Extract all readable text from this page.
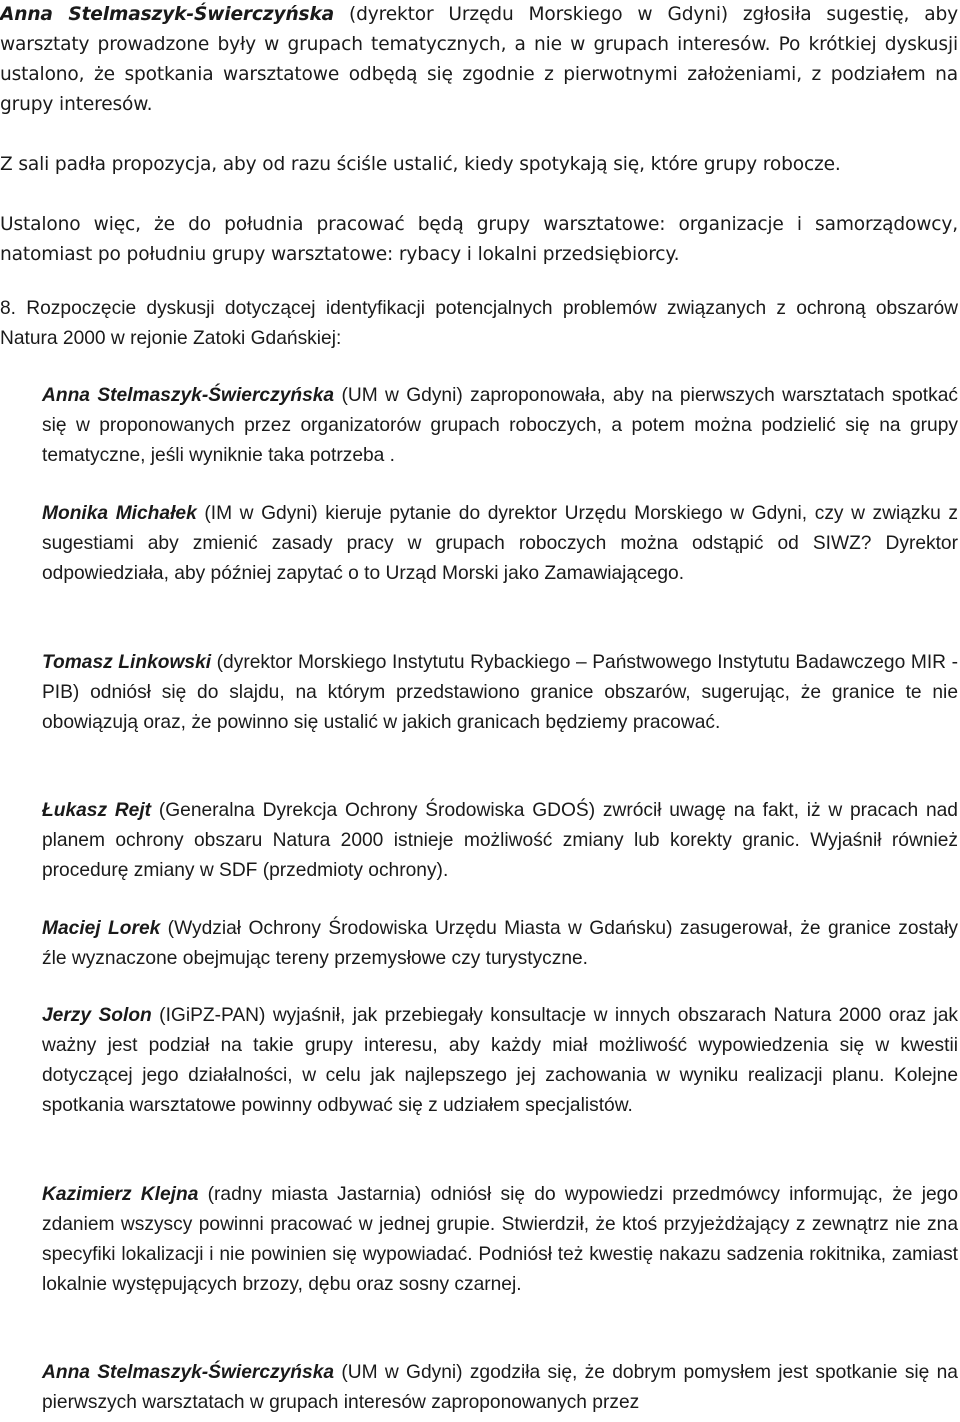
Anna Stelmaszyk-Świerczyńska (dyrektor Urzędu Morskiego w Gdyni) zgłosiła sugestię, aby warsztaty prowadzone były w grupach tematycznych, a nie w grupach interesów. Po krótkiej dyskusji ustalono, że spotkania warsztatowe odbędą się zgodnie z pierwotnymi założeniami, z podziałem na grupy interesów.

Z sali padła propozycja, aby od razu ściśle ustalić, kiedy spotykają się, które grupy robocze.

Ustalono więc, że do południa pracować będą grupy warsztatowe: organizacje i samorządowcy, natomiast po południu grupy warsztatowe: rybacy i lokalni przedsiębiorcy.

8. Rozpoczęcie dyskusji dotyczącej identyfikacji potencjalnych problemów związanych z ochroną obszarów Natura 2000 w rejonie Zatoki Gdańskiej:

Anna Stelmaszyk-Świerczyńska (UM w Gdyni) zaproponowała, aby na pierwszych warsztatach spotkać się w proponowanych przez organizatorów grupach roboczych, a potem można podzielić się na grupy tematyczne, jeśli wyniknie taka potrzeba .

Monika Michałek (IM w Gdyni) kieruje pytanie do dyrektor Urzędu Morskiego w Gdyni, czy w związku z sugestiami aby zmienić zasady pracy w grupach roboczych można odstąpić od SIWZ? Dyrektor odpowiedziała, aby później zapytać o to Urząd Morski jako Zamawiającego.

Tomasz Linkowski (dyrektor Morskiego Instytutu Rybackiego – Państwowego Instytutu Badawczego MIR - PIB) odniósł się do slajdu, na którym przedstawiono granice obszarów, sugerując, że granice te nie obowiązują oraz, że powinno się ustalić w jakich granicach będziemy pracować.

Łukasz Rejt (Generalna Dyrekcja Ochrony Środowiska GDOŚ) zwrócił uwagę na fakt, iż w pracach nad planem ochrony obszaru Natura 2000 istnieje możliwość zmiany lub korekty granic. Wyjaśnił również procedurę zmiany w SDF (przedmioty ochrony).

Maciej Lorek (Wydział Ochrony Środowiska Urzędu Miasta w Gdańsku) zasugerował, że granice zostały źle wyznaczone obejmując tereny przemysłowe czy turystyczne.

Jerzy Solon (IGiPZ-PAN) wyjaśnił, jak przebiegały konsultacje w innych obszarach Natura 2000 oraz jak ważny jest podział na takie grupy interesu, aby każdy miał możliwość wypowiedzenia się w kwestii dotyczącej jego działalności, w celu jak najlepszego jej zachowania w wyniku realizacji planu. Kolejne spotkania warsztatowe powinny odbywać się z udziałem specjalistów.

Kazimierz Klejna (radny miasta Jastarnia) odniósł się do wypowiedzi przedmówcy informując, że jego zdaniem wszyscy powinni pracować w jednej grupie. Stwierdził, że ktoś przyjeżdżający z zewnątrz nie zna specyfiki lokalizacji i nie powinien się wypowiadać. Podniósł też kwestię nakazu sadzenia rokitnika, zamiast lokalnie występujących brzozy, dębu oraz sosny czarnej.

Anna Stelmaszyk-Świerczyńska (UM w Gdyni) zgodziła się, że dobrym pomysłem jest spotkanie się na pierwszych warsztatach w grupach interesów zaproponowanych przez
